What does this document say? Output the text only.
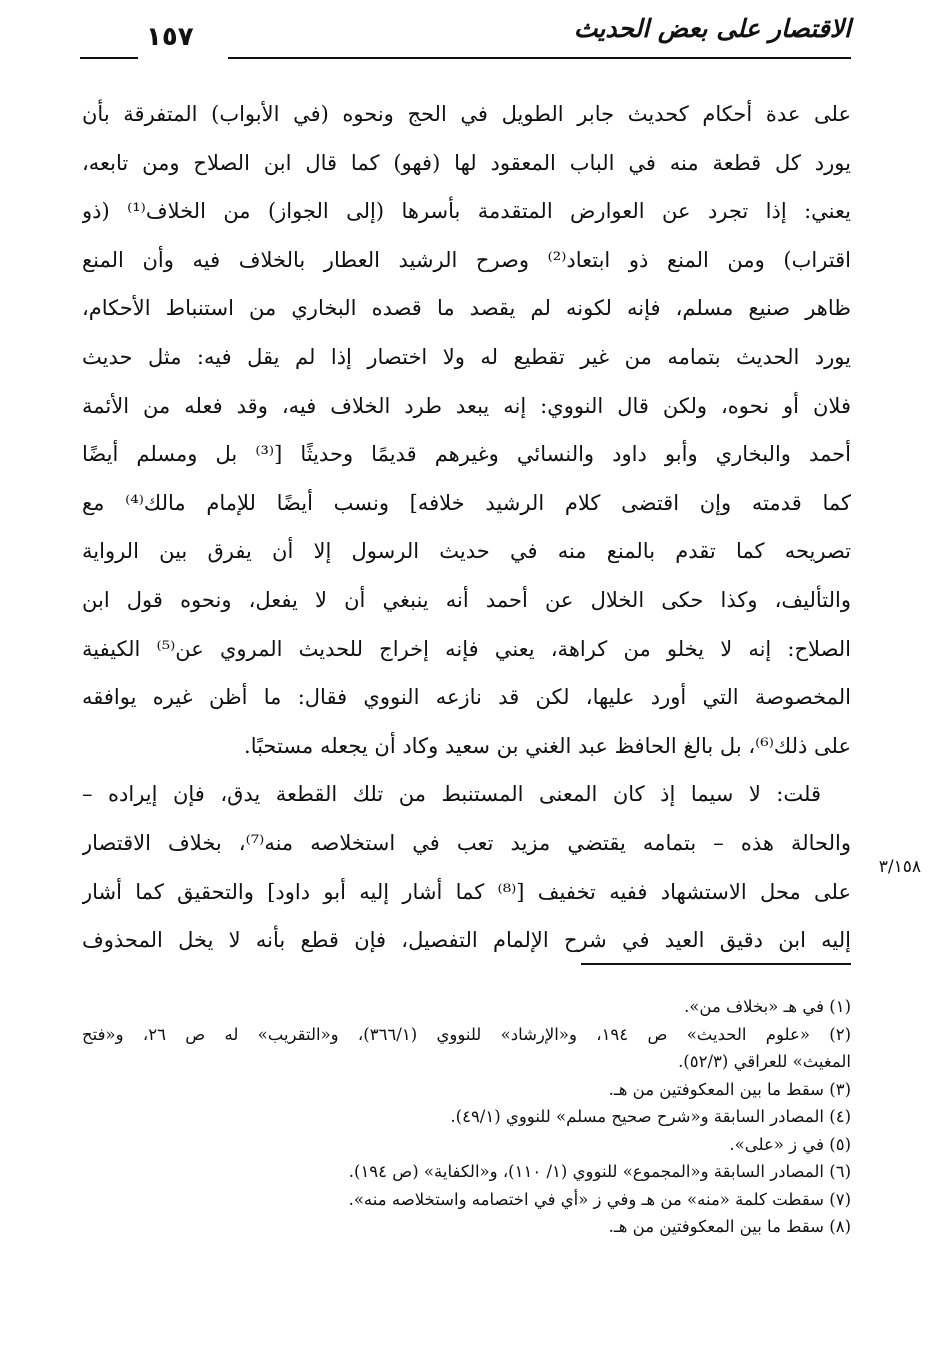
الاقتصار على بعض الحديث
١٥٧
٣/١٥٨
على عدة أحكام كحديث جابر الطويل في الحج ونحوه (في الأبواب) المتفرقة بأن
يورد كل قطعة منه في الباب المعقود لها (فهو) كما قال ابن الصلاح ومن تابعه،
يعني: إذا تجرد عن العوارض المتقدمة بأسرها (إلى الجواز) من الخلاف⁽¹⁾ (ذو
اقتراب) ومن المنع ذو ابتعاد⁽²⁾ وصرح الرشيد العطار بالخلاف فيه وأن المنع
ظاهر صنيع مسلم، فإنه لكونه لم يقصد ما قصده البخاري من استنباط الأحكام،
يورد الحديث بتمامه من غير تقطيع له ولا اختصار إذا لم يقل فيه: مثل حديث
فلان أو نحوه، ولكن قال النووي: إنه يبعد طرد الخلاف فيه، وقد فعله من الأئمة
أحمد والبخاري وأبو داود والنسائي وغيرهم قديمًا وحديثًا [⁽³⁾ بل ومسلم أيضًا
كما قدمته وإن اقتضى كلام الرشيد خلافه] ونسب أيضًا للإمام مالك⁽⁴⁾ مع
تصريحه كما تقدم بالمنع منه في حديث الرسول إلا أن يفرق بين الرواية
والتأليف، وكذا حكى الخلال عن أحمد أنه ينبغي أن لا يفعل، ونحوه قول ابن
الصلاح: إنه لا يخلو من كراهة، يعني فإنه إخراج للحديث المروي عن⁽⁵⁾ الكيفية
المخصوصة التي أورد عليها، لكن قد نازعه النووي فقال: ما أظن غيره يوافقه
على ذلك⁽⁶⁾، بل بالغ الحافظ عبد الغني بن سعيد وكاد أن يجعله مستحبًا.
قلت: لا سيما إذ كان المعنى المستنبط من تلك القطعة يدق، فإن إيراده –
والحالة هذه – بتمامه يقتضي مزيد تعب في استخلاصه منه⁽⁷⁾، بخلاف الاقتصار
على محل الاستشهاد ففيه تخفيف [⁽⁸⁾ كما أشار إليه أبو داود] والتحقيق كما أشار
إليه ابن دقيق العيد في شرح الإلمام التفصيل، فإن قطع بأنه لا يخل المحذوف
(١) في هـ «بخلاف من».
(٢) «علوم الحديث» ص ١٩٤، و«الإرشاد» للنووي (٣٦٦/١)، و«التقريب» له ص ٢٦، و«فتح
المغيث» للعراقي (٥٢/٣).
(٣) سقط ما بين المعكوفتين من هـ.
(٤) المصادر السابقة و«شرح صحيح مسلم» للنووي (٤٩/١).
(٥) في ز «على».
(٦) المصادر السابقة و«المجموع» للنووي (١/ ١١٠)، و«الكفاية» (ص ١٩٤).
(٧) سقطت كلمة «منه» من هـ وفي ز «أي في اختصامه واستخلاصه منه».
(٨) سقط ما بين المعكوفتين من هـ.
